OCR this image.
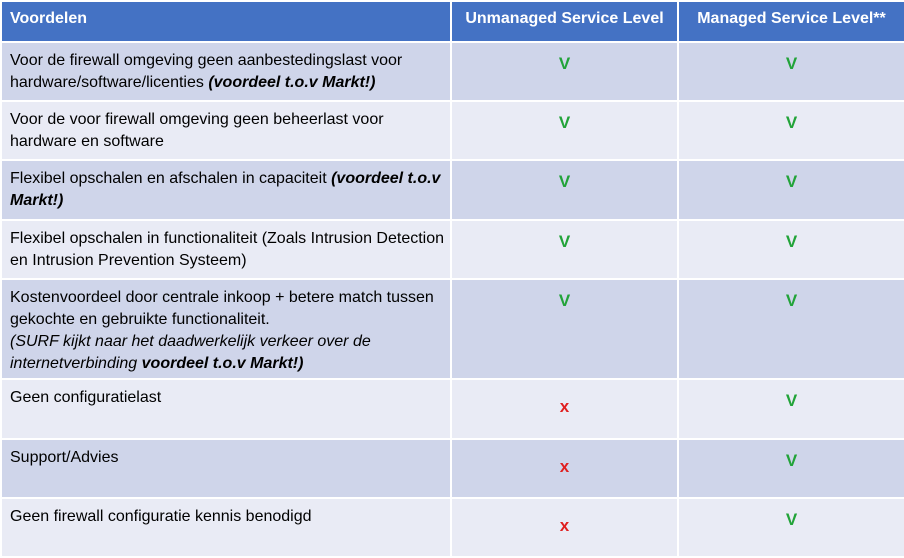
Voordelen	Unmanaged Service Level	Managed Service Level**
Voor de firewall omgeving geen aanbestedingslast voor hardware/software/licenties (voordeel t.o.v Markt!)	V	V
Voor de voor firewall omgeving geen beheerlast voor hardware en software	V	V
Flexibel opschalen en afschalen in capaciteit (voordeel t.o.v Markt!)	V	V
Flexibel opschalen in functionaliteit (Zoals Intrusion Detection en Intrusion Prevention Systeem)	V	V
Kostenvoordeel door centrale inkoop + betere match tussen gekochte en gebruikte functionaliteit.
(SURF kijkt naar het daadwerkelijk verkeer over de internetverbinding voordeel t.o.v Markt!)	V	V
Geen configuratielast	x	V
Support/Advies	x	V
Geen firewall configuratie kennis benodigd	x	V
